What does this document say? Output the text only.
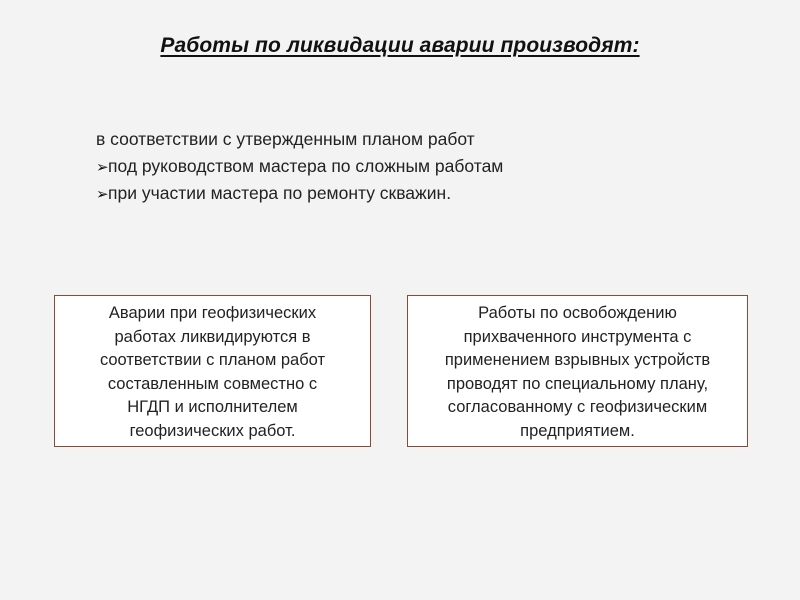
Работы по ликвидации аварии производят:
в соответствии с утвержденным планом работ
➢ под руководством мастера по сложным работам
➢ при участии мастера по ремонту скважин.
Аварии при геофизических
работах ликвидируются в
соответствии с планом работ
составленным совместно с
НГДП и исполнителем
геофизических работ.
Работы по освобождению
прихваченного инструмента с
применением взрывных устройств
проводят по специальному плану,
согласованному с геофизическим
предприятием.
